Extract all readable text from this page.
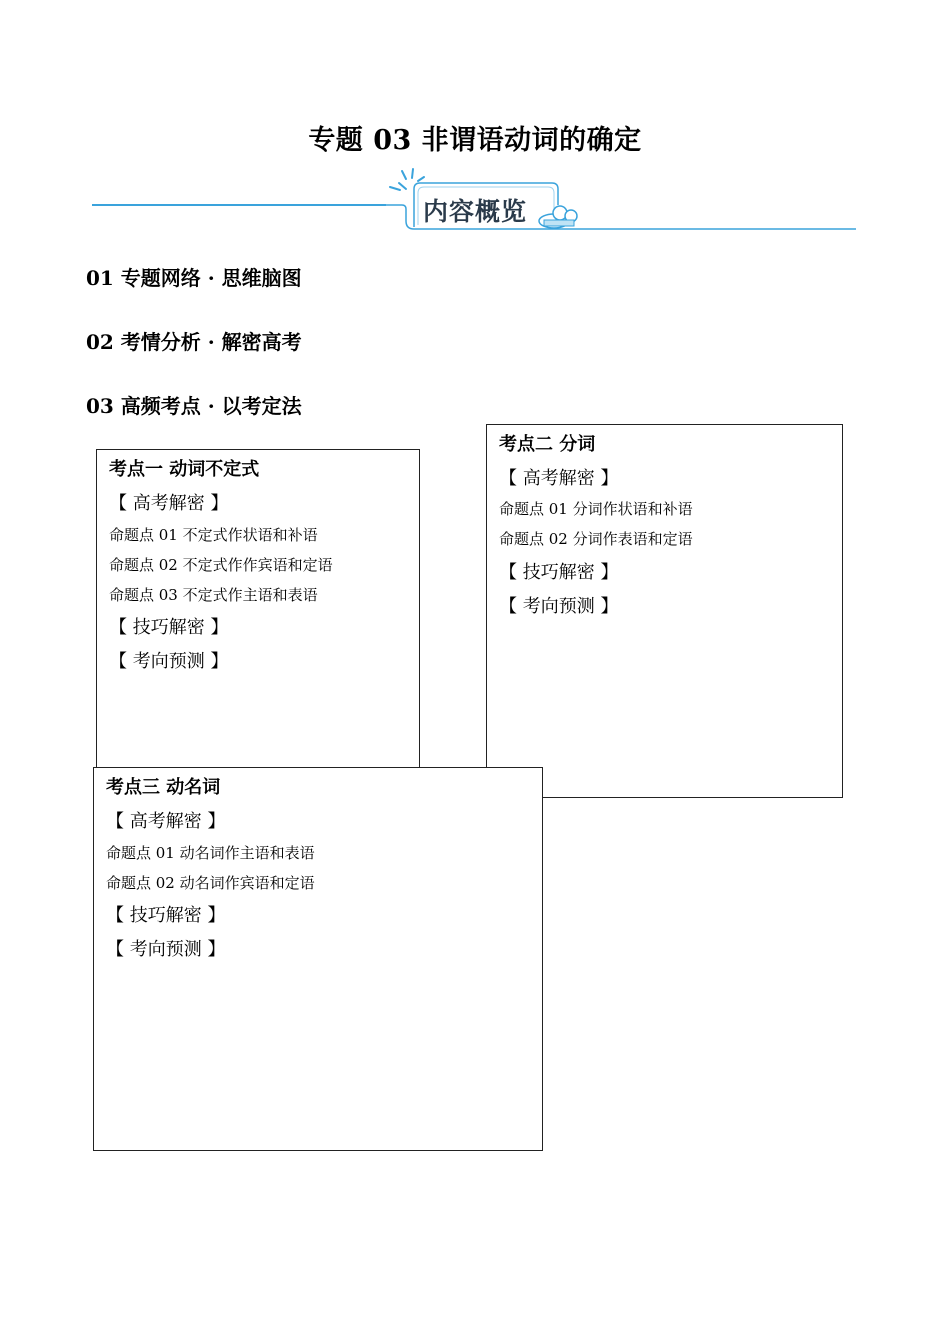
专题 03 非谓语动词的确定
内容概览
01 专题网络 · 思维脑图
02 考情分析 · 解密高考
03 高频考点 · 以考定法
考点二 分词
【 高考解密 】
命题点 01 分词作状语和补语
命题点 02 分词作表语和定语
【 技巧解密 】
【 考向预测 】
考点一 动词不定式
【 高考解密 】
命题点 01 不定式作状语和补语
命题点 02 不定式作作宾语和定语
命题点 03 不定式作主语和表语
【 技巧解密 】
【 考向预测 】
考点三 动名词
【 高考解密 】
命题点 01 动名词作主语和表语
命题点 02 动名词作宾语和定语
【 技巧解密 】
【 考向预测 】
